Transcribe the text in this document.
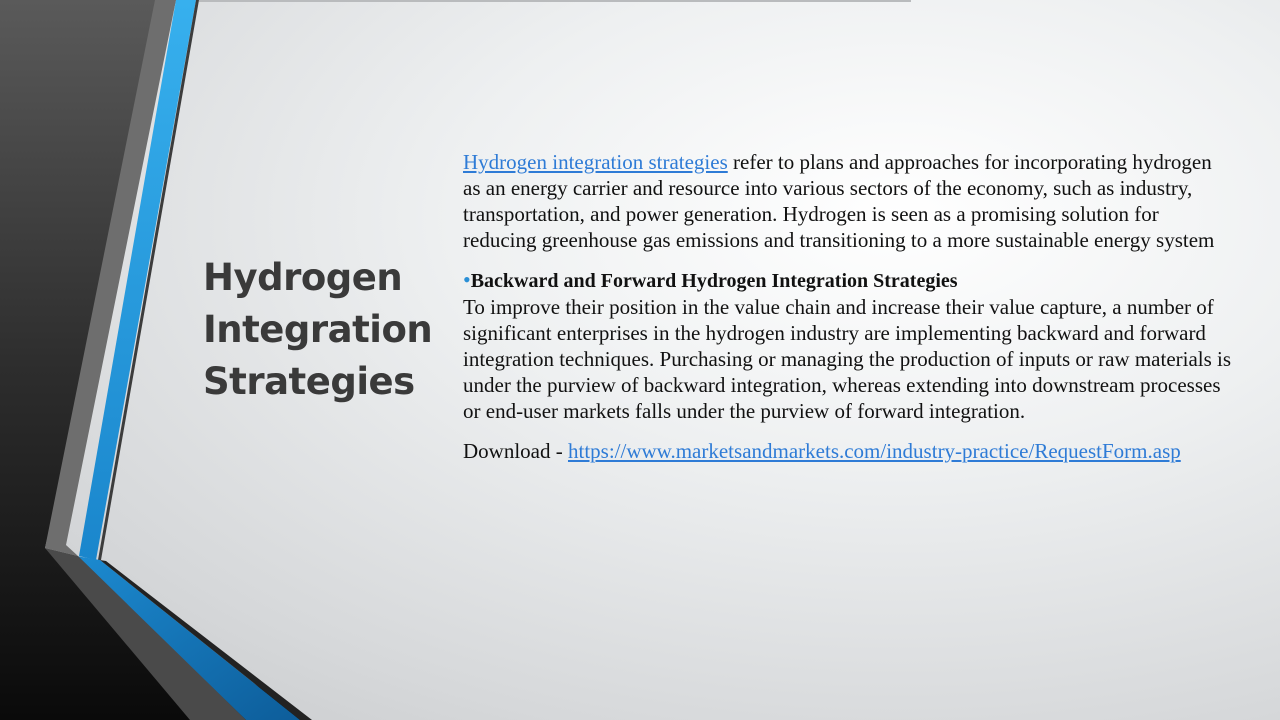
Hydrogen
Integration
Strategies

Hydrogen integration strategies refer to plans and approaches for incorporating hydrogen as an energy carrier and resource into various sectors of the economy, such as industry, transportation, and power generation. Hydrogen is seen as a promising solution for reducing greenhouse gas emissions and transitioning to a more sustainable energy system

•Backward and Forward Hydrogen Integration Strategies

To improve their position in the value chain and increase their value capture, a number of significant enterprises in the hydrogen industry are implementing backward and forward integration techniques. Purchasing or managing the production of inputs or raw materials is under the purview of backward integration, whereas extending into downstream processes or end-user markets falls under the purview of forward integration.

Download - https://www.marketsandmarkets.com/industry-practice/RequestForm.asp
